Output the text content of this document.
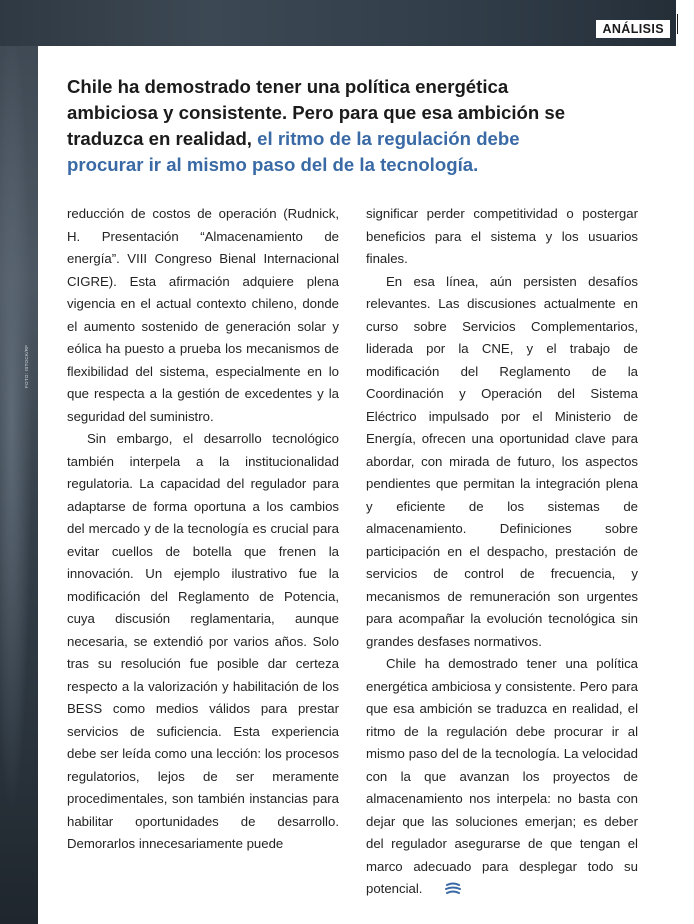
FOTO: ISTOCK/RF
ANÁLISIS
Chile ha demostrado tener una política energética ambiciosa y consistente. Pero para que esa ambición se traduzca en realidad, el ritmo de la regulación debe procurar ir al mismo paso del de la tecnología.

reducción de costos de operación (Rudnick, H. Presentación “Almacenamiento de energía”. VIII Congreso Bienal Internacional CIGRE). Esta afirmación adquiere plena vigencia en el actual contexto chileno, donde el aumento sostenido de generación solar y eólica ha puesto a prueba los mecanismos de flexibilidad del sistema, especialmente en lo que respecta a la gestión de excedentes y la seguridad del suministro.

Sin embargo, el desarrollo tecnológico también interpela a la institucionalidad regulatoria. La capacidad del regulador para adaptarse de forma oportuna a los cambios del mercado y de la tecnología es crucial para evitar cuellos de botella que frenen la innovación. Un ejemplo ilustrativo fue la modificación del Reglamento de Potencia, cuya discusión reglamentaria, aunque necesaria, se extendió por varios años. Solo tras su resolución fue posible dar certeza respecto a la valorización y habilitación de los BESS como medios válidos para prestar servicios de suficiencia. Esta experiencia debe ser leída como una lección: los procesos regulatorios, lejos de ser meramente procedimentales, son también instancias para habilitar oportunidades de desarrollo. Demorarlos innecesariamente puede

significar perder competitividad o postergar beneficios para el sistema y los usuarios finales.

En esa línea, aún persisten desafíos relevantes. Las discusiones actualmente en curso sobre Servicios Complementarios, liderada por la CNE, y el trabajo de modificación del Reglamento de la Coordinación y Operación del Sistema Eléctrico impulsado por el Ministerio de Energía, ofrecen una oportunidad clave para abordar, con mirada de futuro, los aspectos pendientes que permitan la integración plena y eficiente de los sistemas de almacenamiento. Definiciones sobre participación en el despacho, prestación de servicios de control de frecuencia, y mecanismos de remuneración son urgentes para acompañar la evolución tecnológica sin grandes desfases normativos.

Chile ha demostrado tener una política energética ambiciosa y consistente. Pero para que esa ambición se traduzca en realidad, el ritmo de la regulación debe procurar ir al mismo paso del de la tecnología. La velocidad con la que avanzan los proyectos de almacenamiento nos interpela: no basta con dejar que las soluciones emerjan; es deber del regulador asegurarse de que tengan el marco adecuado para desplegar todo su potencial.
